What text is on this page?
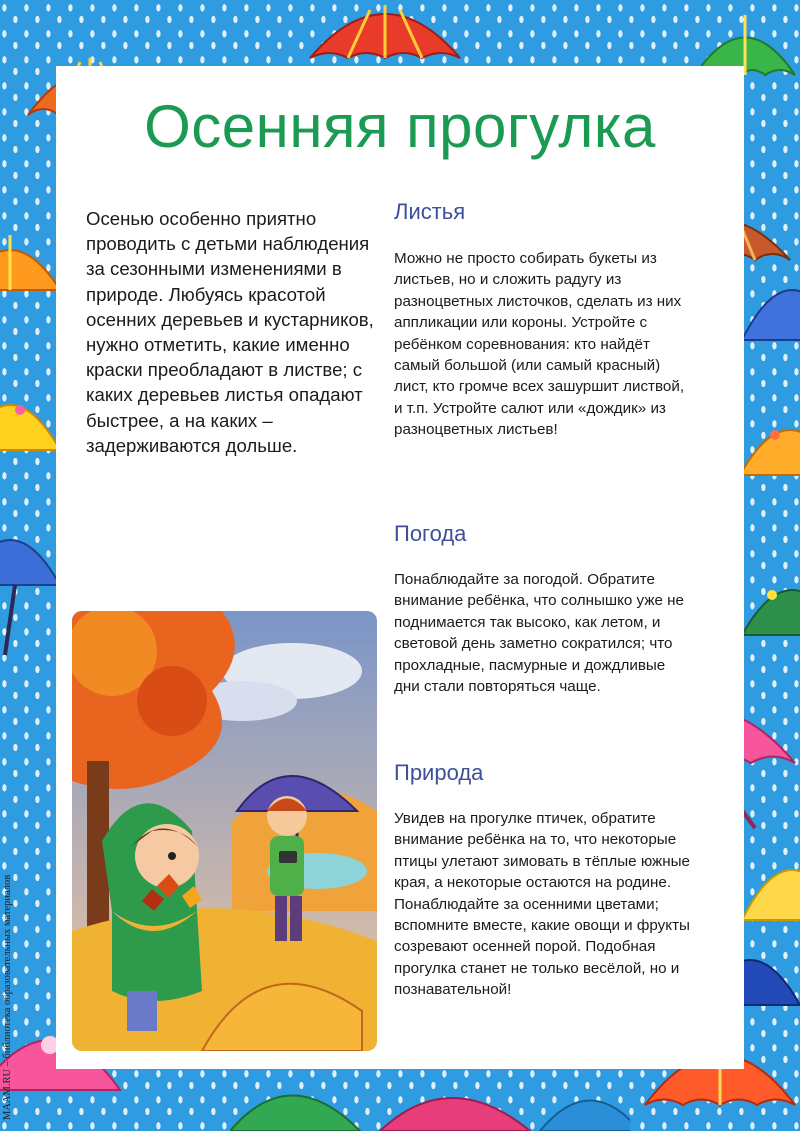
MAAM.RU – библиотека образовательных материалов
Осенняя прогулка

Осенью особенно приятно проводить с детьми наблюдения за сезонными изменениями в природе. Любуясь красотой осенних деревьев и кустарников, нужно отметить, какие именно краски преобладают в листве; с каких деревьев листья опадают быстрее, а на каких – задерживаются дольше.

Листья

Можно не просто собирать букеты из листьев, но и сложить радугу из разноцветных листочков, сделать из них аппликации или короны. Устройте с ребёнком соревнования: кто найдёт самый большой (или самый красный) лист, кто громче всех зашуршит листвой, и т.п. Устройте салют или «дождик» из разноцветных листьев!

Погода

Понаблюдайте за погодой. Обратите внимание ребёнка, что солнышко уже не поднимается так высоко, как летом, и световой день заметно сократился; что прохладные, пасмурные и дождливые дни стали повторяться чаще.

Природа

Увидев на прогулке птичек, обратите внимание ребёнка на то, что некоторые птицы улетают зимовать в тёплые южные края, а некоторые остаются на родине. Понаблюдайте за осенними цветами; вспомните вместе, какие овощи и фрукты созревают осенней порой. Подобная прогулка станет не только весёлой, но и познавательной!
